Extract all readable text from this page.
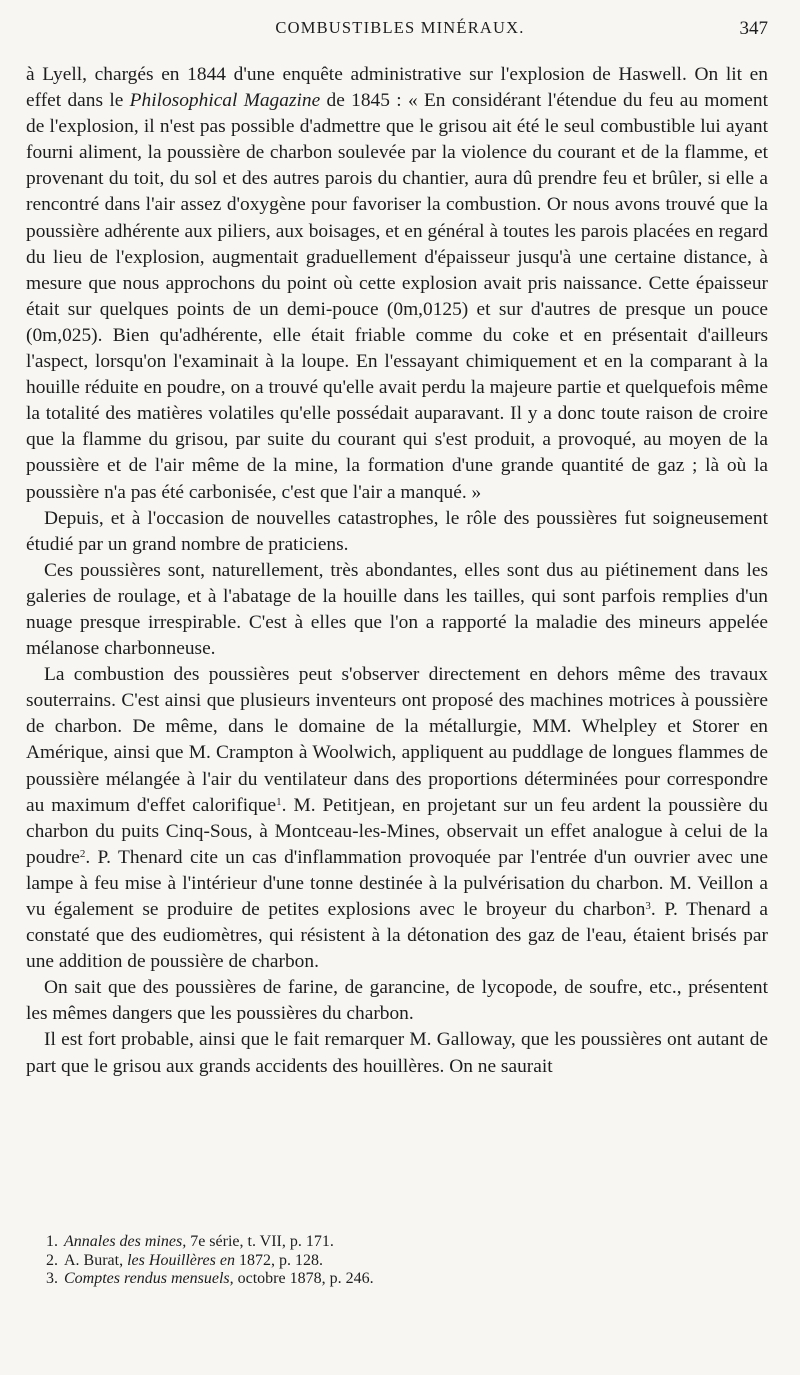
COMBUSTIBLES MINÉRAUX.	347

à Lyell, chargés en 1844 d'une enquête administrative sur l'explosion de Haswell. On lit en effet dans le Philosophical Magazine de 1845 : « En considérant l'étendue du feu au moment de l'explosion, il n'est pas possible d'admettre que le grisou ait été le seul combustible lui ayant fourni aliment, la poussière de charbon soulevée par la violence du courant et de la flamme, et provenant du toit, du sol et des autres parois du chantier, aura dû prendre feu et brûler, si elle a rencontré dans l'air assez d'oxygène pour favoriser la combustion. Or nous avons trouvé que la poussière adhérente aux piliers, aux boisages, et en général à toutes les parois placées en regard du lieu de l'explosion, augmentait graduellement d'épaisseur jusqu'à une certaine distance, à mesure que nous approchons du point où cette explosion avait pris naissance. Cette épaisseur était sur quelques points de un demi-pouce (0m,0125) et sur d'autres de presque un pouce (0m,025). Bien qu'adhérente, elle était friable comme du coke et en présentait d'ailleurs l'aspect, lorsqu'on l'examinait à la loupe. En l'essayant chimiquement et en la comparant à la houille réduite en poudre, on a trouvé qu'elle avait perdu la majeure partie et quelquefois même la totalité des matières volatiles qu'elle possédait auparavant. Il y a donc toute raison de croire que la flamme du grisou, par suite du courant qui s'est produit, a provoqué, au moyen de la poussière et de l'air même de la mine, la formation d'une grande quantité de gaz ; là où la poussière n'a pas été carbonisée, c'est que l'air a manqué. »

Depuis, et à l'occasion de nouvelles catastrophes, le rôle des poussières fut soigneusement étudié par un grand nombre de praticiens.

Ces poussières sont, naturellement, très abondantes, elles sont dus au piétinement dans les galeries de roulage, et à l'abatage de la houille dans les tailles, qui sont parfois remplies d'un nuage presque irrespirable. C'est à elles que l'on a rapporté la maladie des mineurs appelée mélanose charbonneuse.

La combustion des poussières peut s'observer directement en dehors même des travaux souterrains. C'est ainsi que plusieurs inventeurs ont proposé des machines motrices à poussière de charbon. De même, dans le domaine de la métallurgie, MM. Whelpley et Storer en Amérique, ainsi que M. Crampton à Woolwich, appliquent au puddlage de longues flammes de poussière mélangée à l'air du ventilateur dans des proportions déterminées pour correspondre au maximum d'effet calorifique$^1$. M. Petitjean, en projetant sur un feu ardent la poussière du charbon du puits Cinq-Sous, à Montceau-les-Mines, observait un effet analogue à celui de la poudre$^2$. P. Thenard cite un cas d'inflammation provoquée par l'entrée d'un ouvrier avec une lampe à feu mise à l'intérieur d'une tonne destinée à la pulvérisation du charbon. M. Veillon a vu également se produire de petites explosions avec le broyeur du charbon$^3$. P. Thenard a constaté que des eudiomètres, qui résistent à la détonation des gaz de l'eau, étaient brisés par une addition de poussière de charbon.

On sait que des poussières de farine, de garancine, de lycopode, de soufre, etc., présentent les mêmes dangers que les poussières du charbon.

Il est fort probable, ainsi que le fait remarquer M. Galloway, que les poussières ont autant de part que le grisou aux grands accidents des houillères. On ne saurait

1. Annales des mines, 7e série, t. VII, p. 171.
2. A. Burat, les Houillères en 1872, p. 128.
3. Comptes rendus mensuels, octobre 1878, p. 246.
